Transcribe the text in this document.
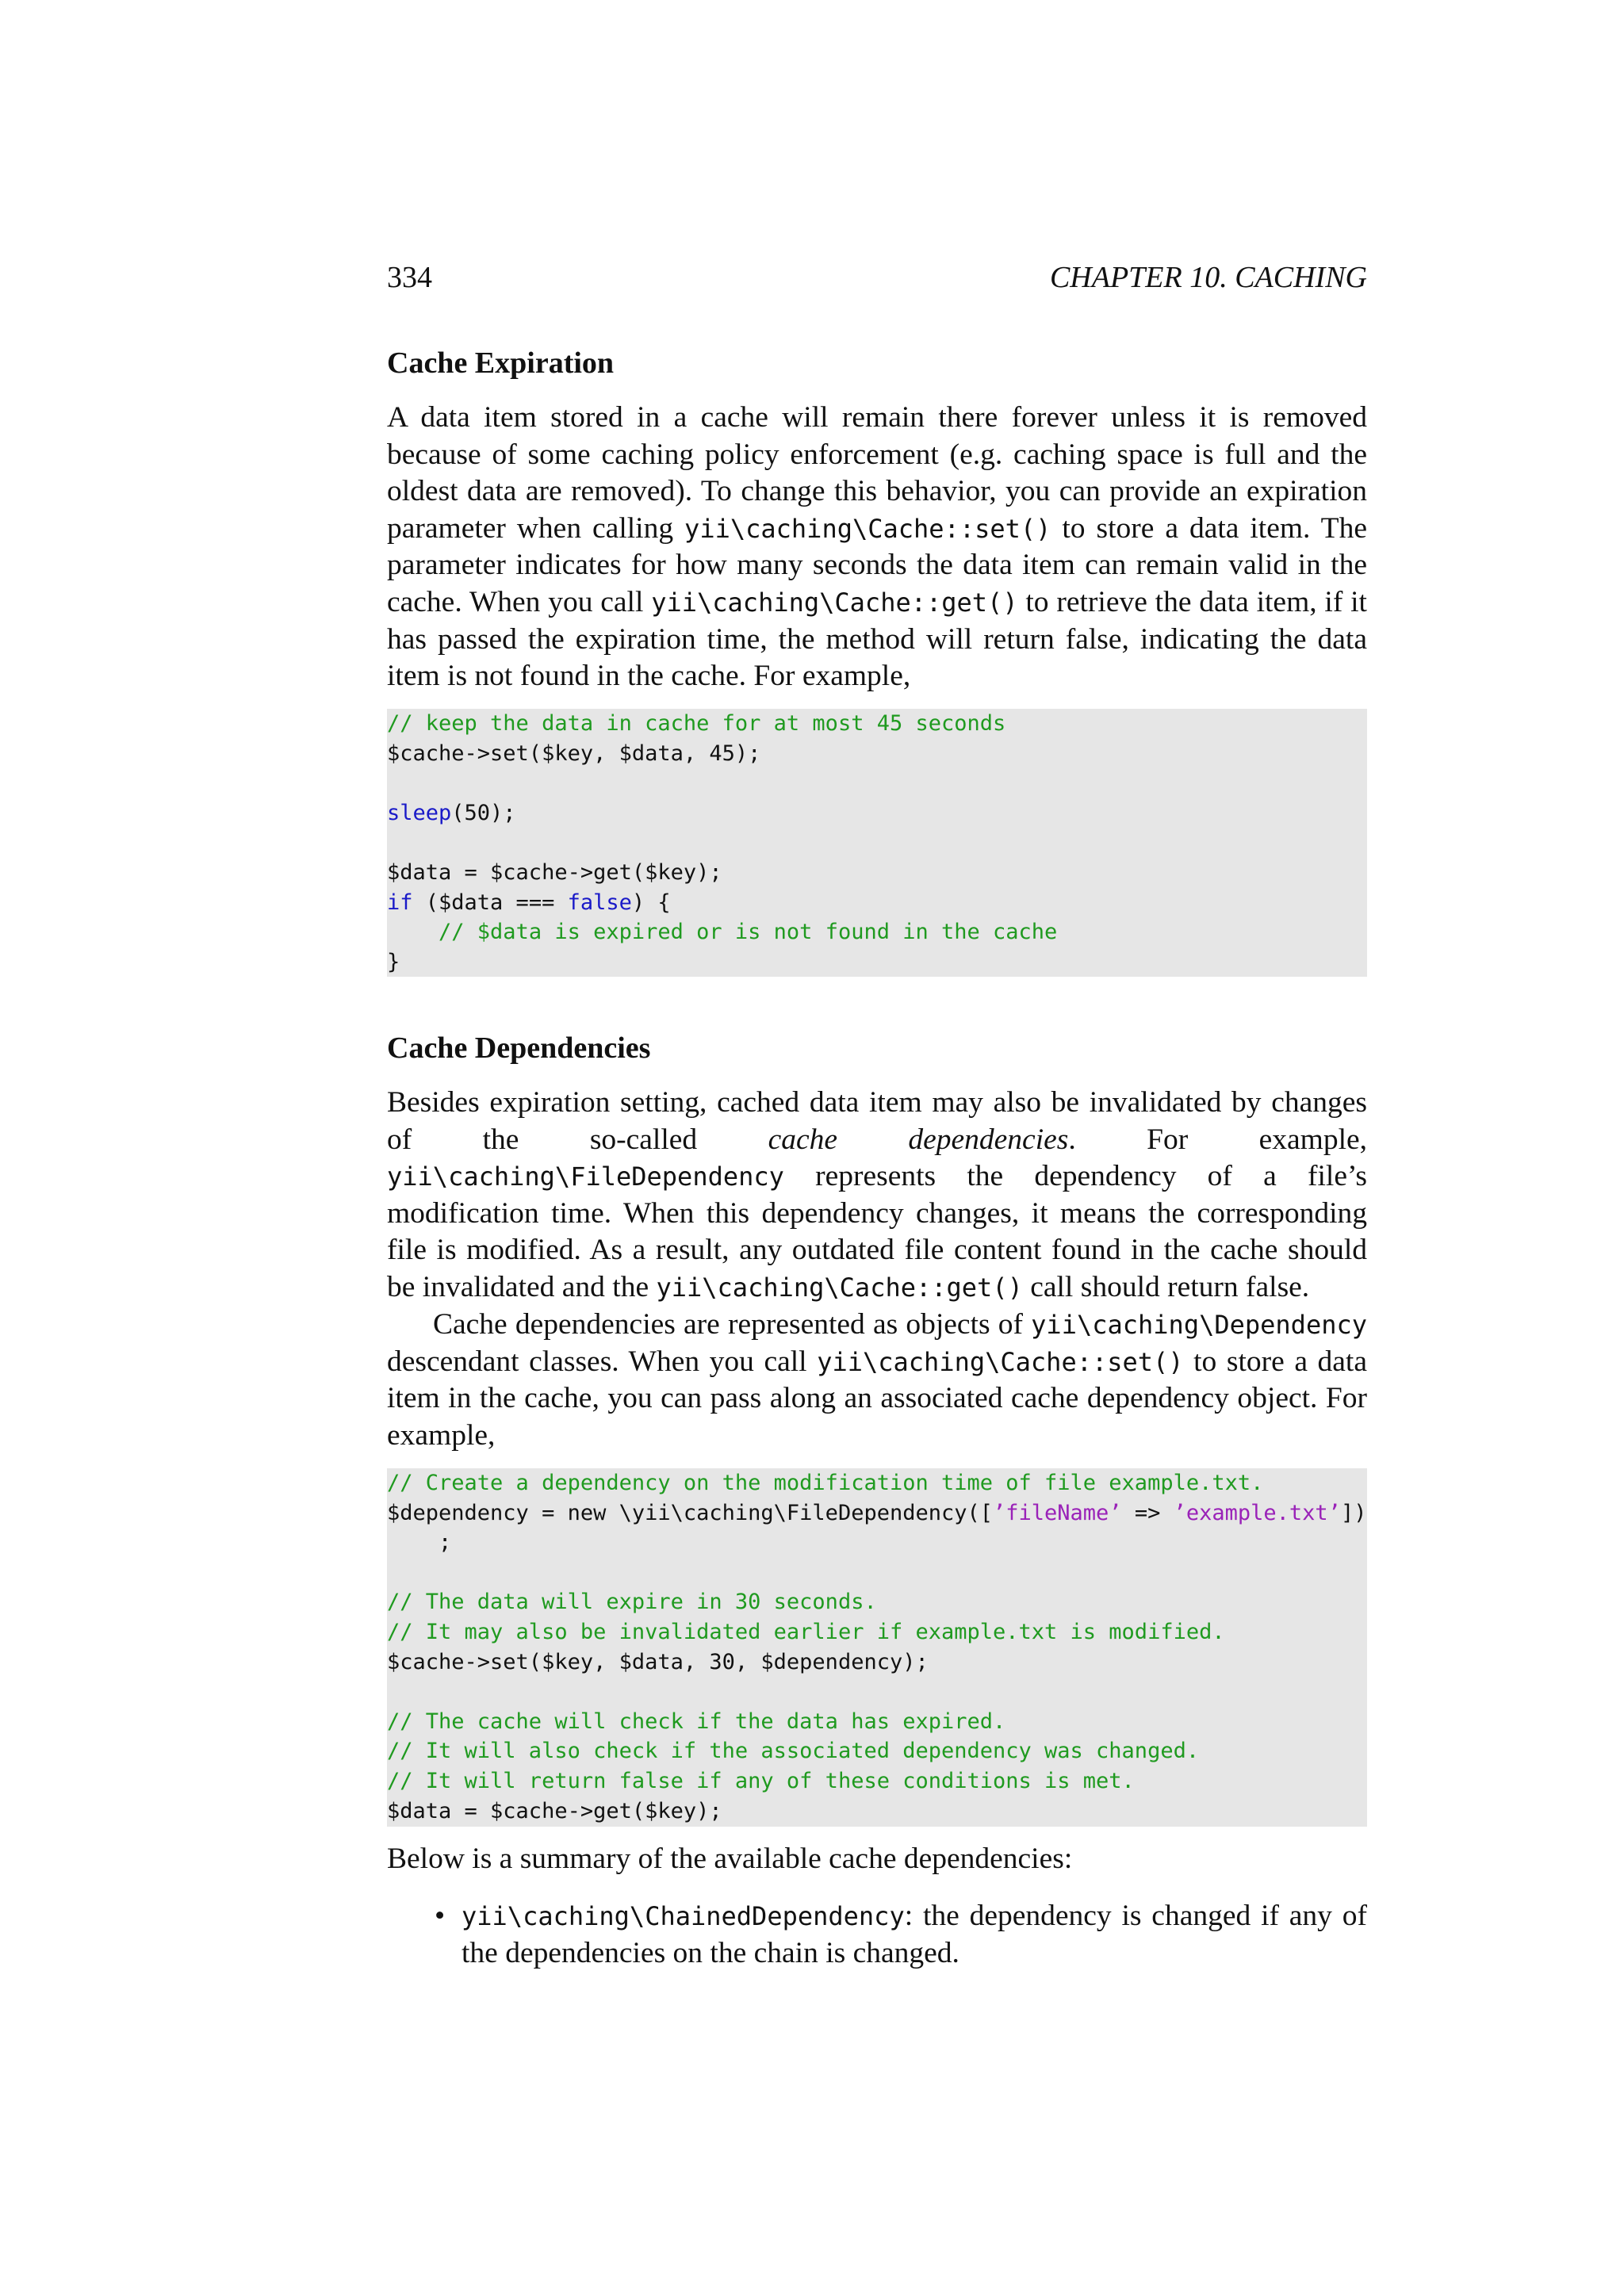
334	CHAPTER 10. CACHING
Cache Expiration

A data item stored in a cache will remain there forever unless it is removed because of some caching policy enforcement (e.g. caching space is full and the oldest data are removed). To change this behavior, you can provide an expiration parameter when calling yii\caching\Cache::set() to store a data item. The parameter indicates for how many seconds the data item can remain valid in the cache. When you call yii\caching\Cache::get() to retrieve the data item, if it has passed the expiration time, the method will return false, indicating the data item is not found in the cache. For example,

// keep the data in cache for at most 45 seconds
$cache->set($key, $data, 45);

sleep(50);

$data = $cache->get($key);
if ($data === false) {
// $data is expired or is not found in the cache
}
Cache Dependencies

Besides expiration setting, cached data item may also be invalidated by changes of the so-called cache dependencies. For example, yii\caching\FileDependency represents the dependency of a file’s modification time. When this dependency changes, it means the corresponding file is modified. As a result, any outdated file content found in the cache should be invalidated and the yii\caching\Cache::get() call should return false.

Cache dependencies are represented as objects of yii\caching\Dependency descendant classes. When you call yii\caching\Cache::set() to store a data item in the cache, you can pass along an associated cache dependency object. For example,

// Create a dependency on the modification time of file example.txt.
$dependency = new \yii\caching\FileDependency([’fileName’ => ’example.txt’])
;

// The data will expire in 30 seconds.
// It may also be invalidated earlier if example.txt is modified.
$cache->set($key, $data, 30, $dependency);

// The cache will check if the data has expired.
// It will also check if the associated dependency was changed.
// It will return false if any of these conditions is met.
$data = $cache->get($key);

Below is a summary of the available cache dependencies:

• yii\caching\ChainedDependency: the dependency is changed if any of the dependencies on the chain is changed.
